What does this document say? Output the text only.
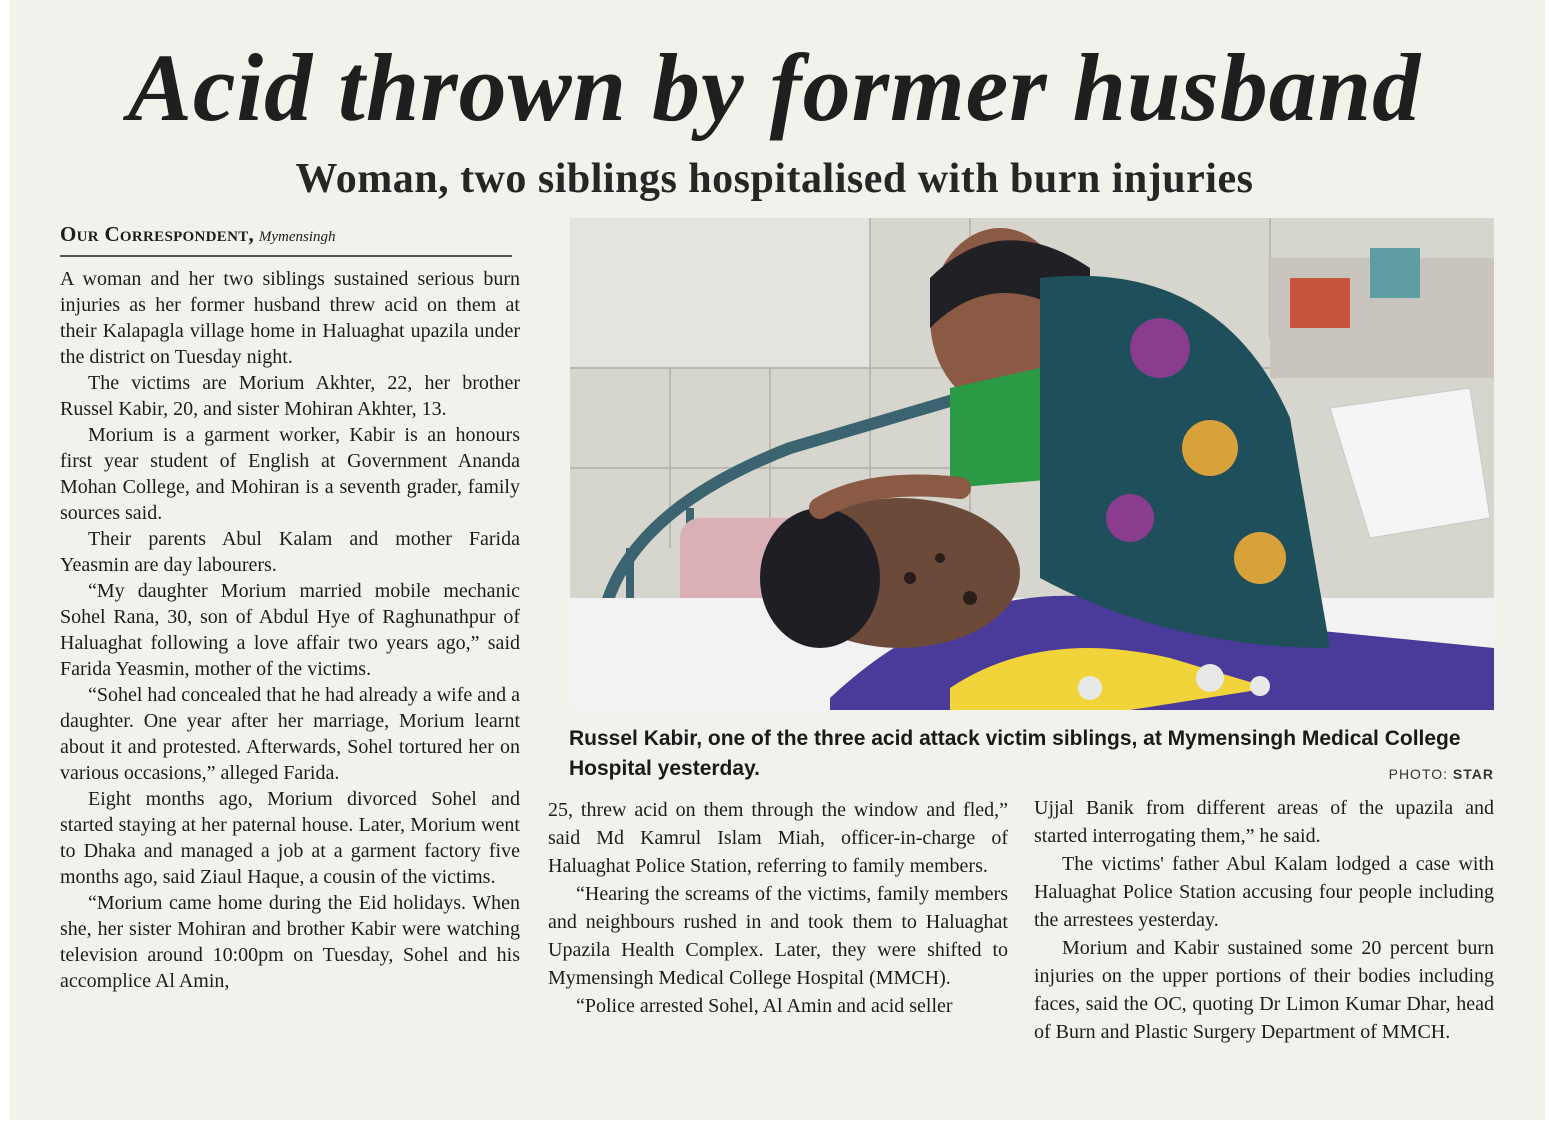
Acid thrown by former husband
Woman, two siblings hospitalised with burn injuries
Our Correspondent, Mymensingh

A woman and her two siblings sustained serious burn injuries as her former husband threw acid on them at their Kalapagla village home in Haluaghat upazila under the district on Tuesday night.

The victims are Morium Akhter, 22, her brother Russel Kabir, 20, and sister Mohiran Akhter, 13.

Morium is a garment worker, Kabir is an honours first year student of English at Government Ananda Mohan College, and Mohiran is a seventh grader, family sources said.

Their parents Abul Kalam and mother Farida Yeasmin are day labourers.

“My daughter Morium married mobile mechanic Sohel Rana, 30, son of Abdul Hye of Raghunathpur of Haluaghat following a love affair two years ago,” said Farida Yeasmin, mother of the victims.

“Sohel had concealed that he had already a wife and a daughter. One year after her marriage, Morium learnt about it and protested. Afterwards, Sohel tortured her on various occasions,” alleged Farida.

Eight months ago, Morium divorced Sohel and started staying at her paternal house. Later, Morium went to Dhaka and managed a job at a garment factory five months ago, said Ziaul Haque, a cousin of the victims.

“Morium came home during the Eid holidays. When she, her sister Mohiran and brother Kabir were watching television around 10:00pm on Tuesday, Sohel and his accomplice Al Amin,

Russel Kabir, one of the three acid attack victim siblings, at Mymensingh Medical College Hospital yesterday.	PHOTO: STAR

25, threw acid on them through the window and fled,” said Md Kamrul Islam Miah, officer-in-charge of Haluaghat Police Station, referring to family members.

“Hearing the screams of the victims, family members and neighbours rushed in and took them to Haluaghat Upazila Health Complex. Later, they were shifted to Mymensingh Medical College Hospital (MMCH).

“Police arrested Sohel, Al Amin and acid seller

Ujjal Banik from different areas of the upazila and started interrogating them,” he said.

The victims' father Abul Kalam lodged a case with Haluaghat Police Station accusing four people including the arrestees yesterday.

Morium and Kabir sustained some 20 percent burn injuries on the upper portions of their bodies including faces, said the OC, quoting Dr Limon Kumar Dhar, head of Burn and Plastic Surgery Department of MMCH.
